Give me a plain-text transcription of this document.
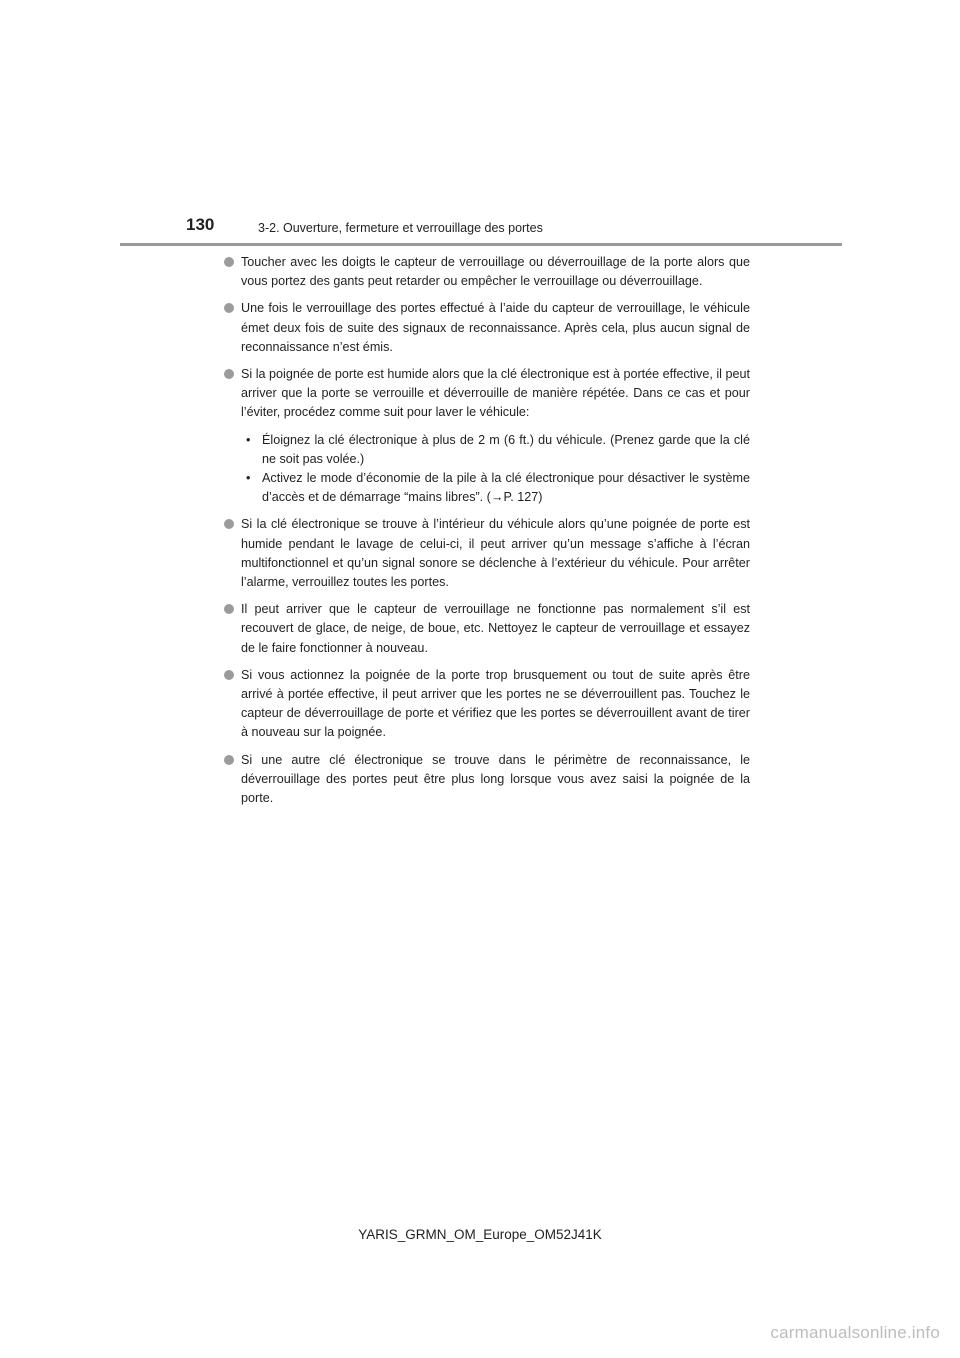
130	3-2. Ouverture, fermeture et verrouillage des portes
Toucher avec les doigts le capteur de verrouillage ou déverrouillage de la porte alors que vous portez des gants peut retarder ou empêcher le verrouillage ou déverrouillage.
Une fois le verrouillage des portes effectué à l’aide du capteur de verrouillage, le véhicule émet deux fois de suite des signaux de reconnaissance. Après cela, plus aucun signal de reconnaissance n’est émis.
Si la poignée de porte est humide alors que la clé électronique est à portée effective, il peut arriver que la porte se verrouille et déverrouille de manière répétée. Dans ce cas et pour l’éviter, procédez comme suit pour laver le véhicule:
• Éloignez la clé électronique à plus de 2 m (6 ft.) du véhicule. (Prenez garde que la clé ne soit pas volée.)
• Activez le mode d’économie de la pile à la clé électronique pour désactiver le système d’accès et de démarrage “mains libres”. (→P. 127)
Si la clé électronique se trouve à l’intérieur du véhicule alors qu’une poignée de porte est humide pendant le lavage de celui-ci, il peut arriver qu’un message s’affiche à l’écran multifonctionnel et qu’un signal sonore se déclenche à l’extérieur du véhicule. Pour arrêter l’alarme, verrouillez toutes les portes.
Il peut arriver que le capteur de verrouillage ne fonctionne pas normalement s’il est recouvert de glace, de neige, de boue, etc. Nettoyez le capteur de verrouillage et essayez de le faire fonctionner à nouveau.
Si vous actionnez la poignée de la porte trop brusquement ou tout de suite après être arrivé à portée effective, il peut arriver que les portes ne se déverrouillent pas. Touchez le capteur de déverrouillage de porte et vérifiez que les portes se déverrouillent avant de tirer à nouveau sur la poignée.
Si une autre clé électronique se trouve dans le périmètre de reconnaissance, le déverrouillage des portes peut être plus long lorsque vous avez saisi la poignée de la porte.
YARIS_GRMN_OM_Europe_OM52J41K
carmanualsonline.info
